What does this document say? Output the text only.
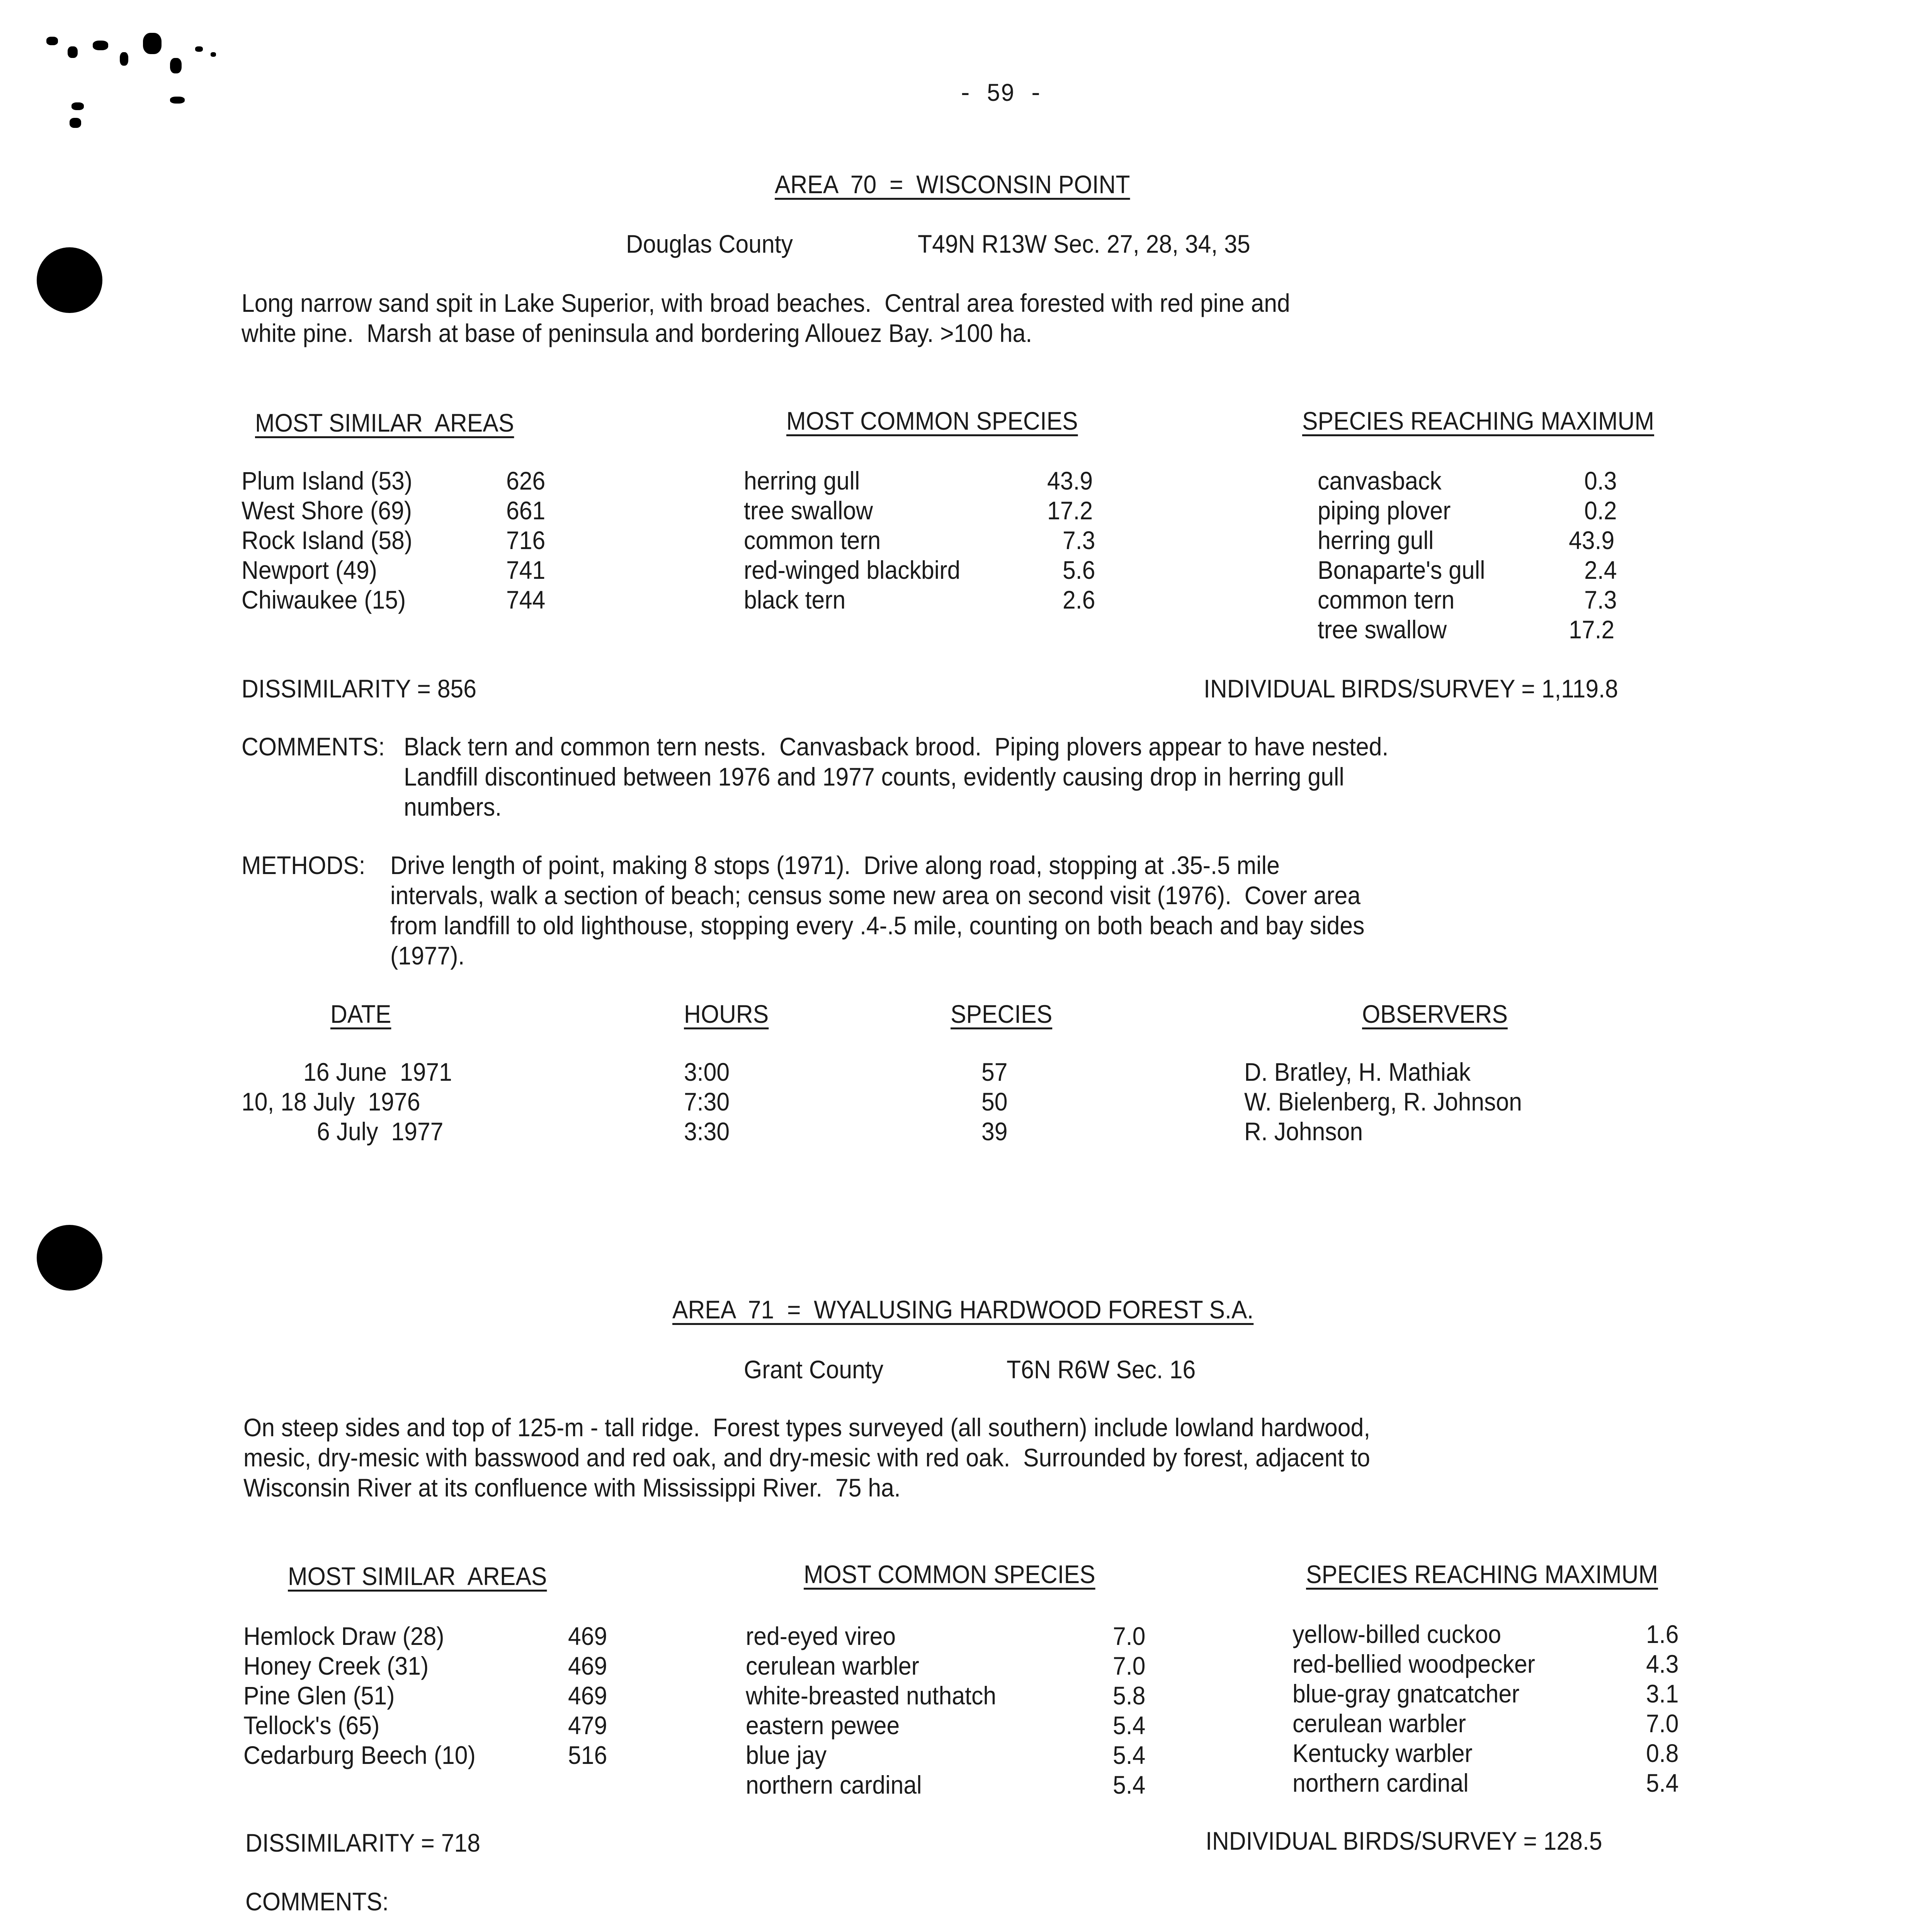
- 59 -
AREA  70  =  WISCONSIN POINT
Douglas County	T49N R13W Sec. 27, 28, 34, 35
Long narrow sand spit in Lake Superior, with broad beaches.  Central area forested with red pine and
white pine.  Marsh at base of peninsula and bordering Allouez Bay. >100 ha.
MOST SIMILAR  AREAS	MOST COMMON SPECIES	SPECIES REACHING MAXIMUM
Plum Island (53)	626
West Shore (69)	661
Rock Island (58)	716
Newport (49)	741
Chiwaukee (15)	744
herring gull	43.9
tree swallow	17.2
common tern	7.3
red-winged blackbird	5.6
black tern	2.6
canvasback	0.3
piping plover	0.2
herring gull	43.9
Bonaparte's gull	2.4
common tern	7.3
tree swallow	17.2
DISSIMILARITY = 856	INDIVIDUAL BIRDS/SURVEY = 1,119.8
COMMENTS: Black tern and common tern nests.  Canvasback brood.  Piping plovers appear to have nested.
Landfill discontinued between 1976 and 1977 counts, evidently causing drop in herring gull
numbers.
METHODS: Drive length of point, making 8 stops (1971).  Drive along road, stopping at .35-.5 mile
intervals, walk a section of beach; census some new area on second visit (1976).  Cover area
from landfill to old lighthouse, stopping every .4-.5 mile, counting on both beach and bay sides
(1977).
DATE	HOURS	SPECIES	OBSERVERS
16 June  1971	3:00	57	D. Bratley, H. Mathiak
10, 18 July  1976	7:30	50	W. Bielenberg, R. Johnson
6 July  1977	3:30	39	R. Johnson
AREA  71  =  WYALUSING HARDWOOD FOREST S.A.
Grant County	T6N R6W Sec. 16
On steep sides and top of 125-m - tall ridge.  Forest types surveyed (all southern) include lowland hardwood,
mesic, dry-mesic with basswood and red oak, and dry-mesic with red oak.  Surrounded by forest, adjacent to
Wisconsin River at its confluence with Mississippi River.  75 ha.
MOST SIMILAR  AREAS	MOST COMMON SPECIES	SPECIES REACHING MAXIMUM
Hemlock Draw (28)	469
Honey Creek (31)	469
Pine Glen (51)	469
Tellock's (65)	479
Cedarburg Beech (10)	516
red-eyed vireo	7.0
cerulean warbler	7.0
white-breasted nuthatch	5.8
eastern pewee	5.4
blue jay	5.4
northern cardinal	5.4
yellow-billed cuckoo	1.6
red-bellied woodpecker	4.3
blue-gray gnatcatcher	3.1
cerulean warbler	7.0
Kentucky warbler	0.8
northern cardinal	5.4
DISSIMILARITY = 718	INDIVIDUAL BIRDS/SURVEY = 128.5
COMMENTS:
